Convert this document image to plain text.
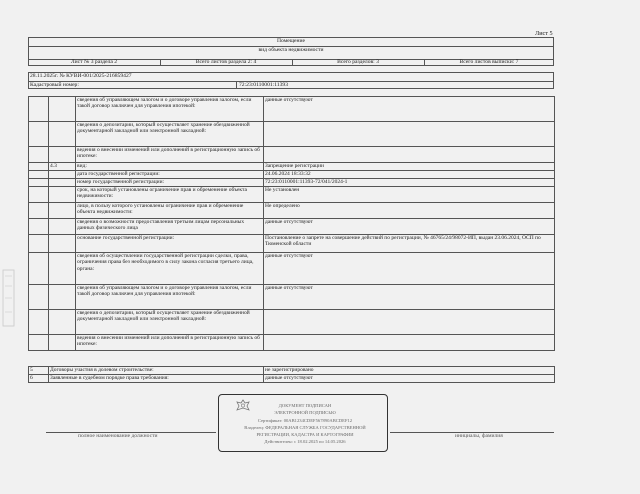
Лист 5
Помещение
вид объекта недвижимости
Лист № 3 раздела 2	Всего листов раздела 2: 4	Всего разделов: 3	Всего листов выписки: 7
28.11.2025г. № КУВИ-001/2025-216859427
Кадастровый номер:	72:23:0110001:11393
		сведения об управляющем залогом и о договоре управления залогом, если такой договор заключен для управления ипотекой:	данные отсутствуют
		сведения о депозитарии, который осуществляет хранение обездвиженной документарной закладной или электронной закладной:	
		ведения о внесении изменений или дополнений в регистрационную запись об ипотеке:	
	4.3	вид:	Запрещение регистрации
		дата государственной регистрации:	24.06.2024 18:33:32
		номер государственной регистрации:	72:23:0110001:11393-72/041/2024-1
		срок, на который установлены ограничение прав и обременение объекта недвижимости:	Не установлен
		лицо, в пользу которого установлены ограничение прав и обременение объекта недвижимости:	Не определено
		сведения о возможности предоставления третьим лицам персональных данных физического лица	данные отсутствуют
		основание государственной регистрации:	Постановление о запрете на совершение действий по регистрации, № 46765/24/98072-ИП, выдан 23.06.2024, ОСП по Тюменской области
		сведения об осуществлении государственной регистрации сделки, права, ограничения права без необходимого в силу закона согласия третьего лица, органа:	данные отсутствуют
		сведения об управляющем залогом и о договоре управления залогом, если такой договор заключен для управления ипотекой:	данные отсутствуют
		сведения о депозитарии, который осуществляет хранение обездвиженной документарной закладной или электронной закладной:	
		ведения о внесении изменений или дополнений в регистрационную запись об ипотеке:	
5	Договоры участия в долевом строительстве:	не зарегистрировано
6	Заявленные в судебном порядке права требования:	данные отсутствуют
полное наименование должности	инициалы, фамилия
ДОКУМЕНТ ПОДПИСАН
ЭЛЕКТРОННОЙ ПОДПИСЬЮ
Сертификат: 00AB1234CDEF567890ABCDEF12
Владелец: ФЕДЕРАЛЬНАЯ СЛУЖБА ГОСУДАРСТВЕННОЙ
РЕГИСТРАЦИИ, КАДАСТРА И КАРТОГРАФИИ
Действителен: с 18.02.2025 по 14.05.2026
